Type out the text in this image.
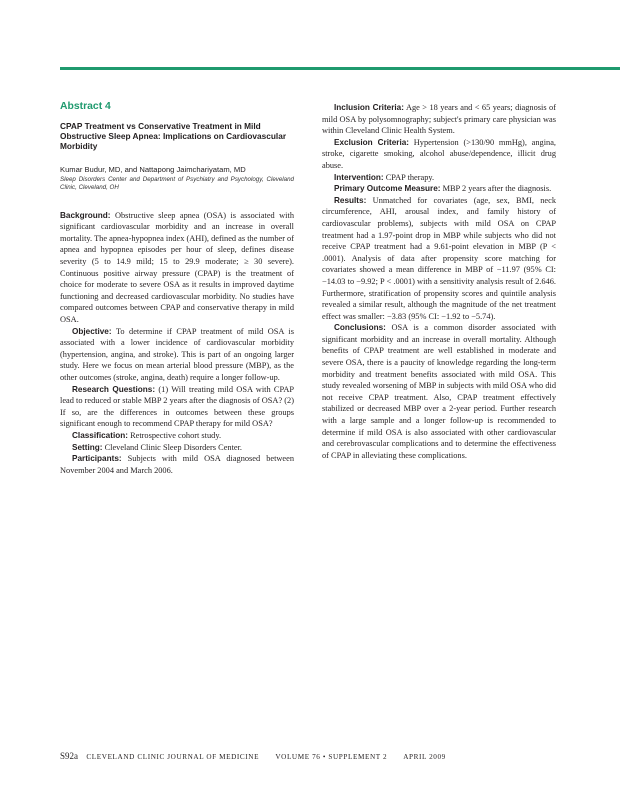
Abstract 4
CPAP Treatment vs Conservative Treatment in Mild Obstructive Sleep Apnea: Implications on Cardiovascular Morbidity
Kumar Budur, MD, and Nattapong Jaimchariyatam, MD
Sleep Disorders Center and Department of Psychiatry and Psychology, Cleveland Clinic, Cleveland, OH

Background: Obstructive sleep apnea (OSA) is associated with significant cardiovascular morbidity and an increase in overall mortality. The apnea-hypopnea index (AHI), defined as the number of apnea and hypopnea episodes per hour of sleep, defines disease severity (5 to 14.9 mild; 15 to 29.9 moderate; ≥ 30 severe). Continuous positive airway pressure (CPAP) is the treatment of choice for moderate to severe OSA as it results in improved daytime functioning and decreased cardiovascular morbidity. No studies have compared outcomes between CPAP and conservative therapy in mild OSA.

Objective: To determine if CPAP treatment of mild OSA is associated with a lower incidence of cardiovascular morbidity (hypertension, angina, and stroke). This is part of an ongoing larger study. Here we focus on mean arterial blood pressure (MBP), as the other outcomes (stroke, angina, death) require a longer follow-up.

Research Questions: (1) Will treating mild OSA with CPAP lead to reduced or stable MBP 2 years after the diagnosis of OSA? (2) If so, are the differences in outcomes between these groups significant enough to recommend CPAP therapy for mild OSA?

Classification: Retrospective cohort study.

Setting: Cleveland Clinic Sleep Disorders Center.

Participants: Subjects with mild OSA diagnosed between November 2004 and March 2006.

Inclusion Criteria: Age > 18 years and < 65 years; diagnosis of mild OSA by polysomnography; subject's primary care physician was within Cleveland Clinic Health System.

Exclusion Criteria: Hypertension (>130/90 mmHg), angina, stroke, cigarette smoking, alcohol abuse/dependence, illicit drug abuse.

Intervention: CPAP therapy.

Primary Outcome Measure: MBP 2 years after the diagnosis.

Results: Unmatched for covariates (age, sex, BMI, neck circumference, AHI, arousal index, and family history of cardiovascular problems), subjects with mild OSA on CPAP treatment had a 1.97-point drop in MBP while subjects who did not receive CPAP treatment had a 9.61-point elevation in MBP (P < .0001). Analysis of data after propensity score matching for covariates showed a mean difference in MBP of −11.97 (95% CI: −14.03 to −9.92; P < .0001) with a sensitivity analysis result of 2.646. Furthermore, stratification of propensity scores and quintile analysis revealed a similar result, although the magnitude of the net treatment effect was smaller: −3.83 (95% CI: −1.92 to −5.74).

Conclusions: OSA is a common disorder associated with significant morbidity and an increase in overall mortality. Although benefits of CPAP treatment are well established in moderate and severe OSA, there is a paucity of knowledge regarding the long-term morbidity and treatment benefits associated with mild OSA. This study revealed worsening of MBP in subjects with mild OSA who did not receive CPAP treatment. Also, CPAP treatment effectively stabilized or decreased MBP over a 2-year period. Further research with a large sample and a longer follow-up is recommended to determine if mild OSA is also associated with other cardiovascular and cerebrovascular complications and to determine the effectiveness of CPAP in alleviating these complications.

S92a CLEVELAND CLINIC JOURNAL OF MEDICINE VOLUME 76 • SUPPLEMENT 2 APRIL 2009
